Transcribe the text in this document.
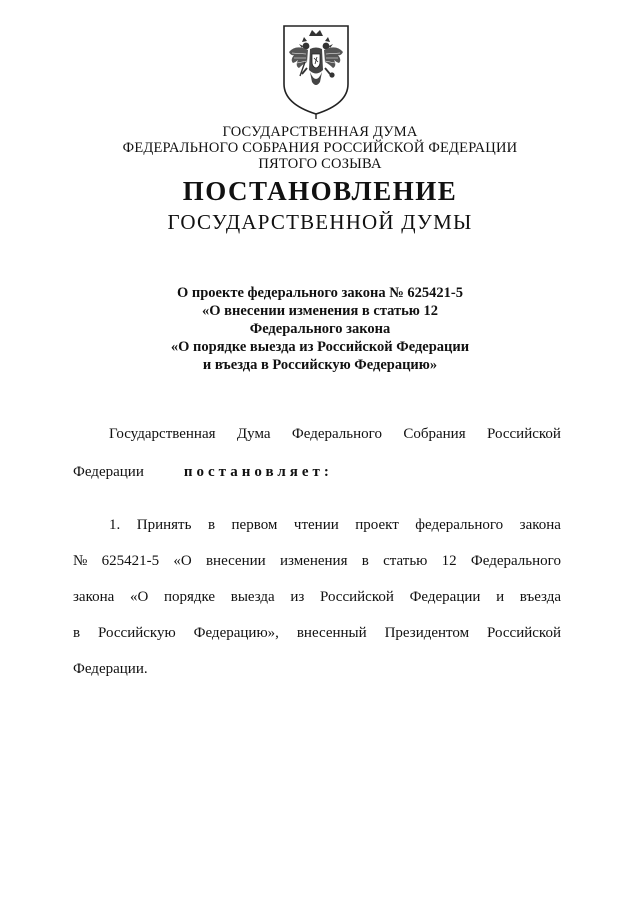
ГОСУДАРСТВЕННАЯ ДУМА
ФЕДЕРАЛЬНОГО СОБРАНИЯ РОССИЙСКОЙ ФЕДЕРАЦИИ
ПЯТОГО СОЗЫВА
ПОСТАНОВЛЕНИЕ
ГОСУДАРСТВЕННОЙ ДУМЫ
О проекте федерального закона № 625421-5
«О внесении изменения в статью 12
Федерального закона
«О порядке выезда из Российской Федерации
и въезда в Российскую Федерацию»
Государственная Дума Федерального Собрания Российской
Федерации	постановляет:
1. Принять в первом чтении проект федерального закона
№ 625421-5 «О внесении изменения в статью 12 Федерального
закона «О порядке выезда из Российской Федерации и въезда
в Российскую Федерацию», внесенный Президентом Российской
Федерации.
